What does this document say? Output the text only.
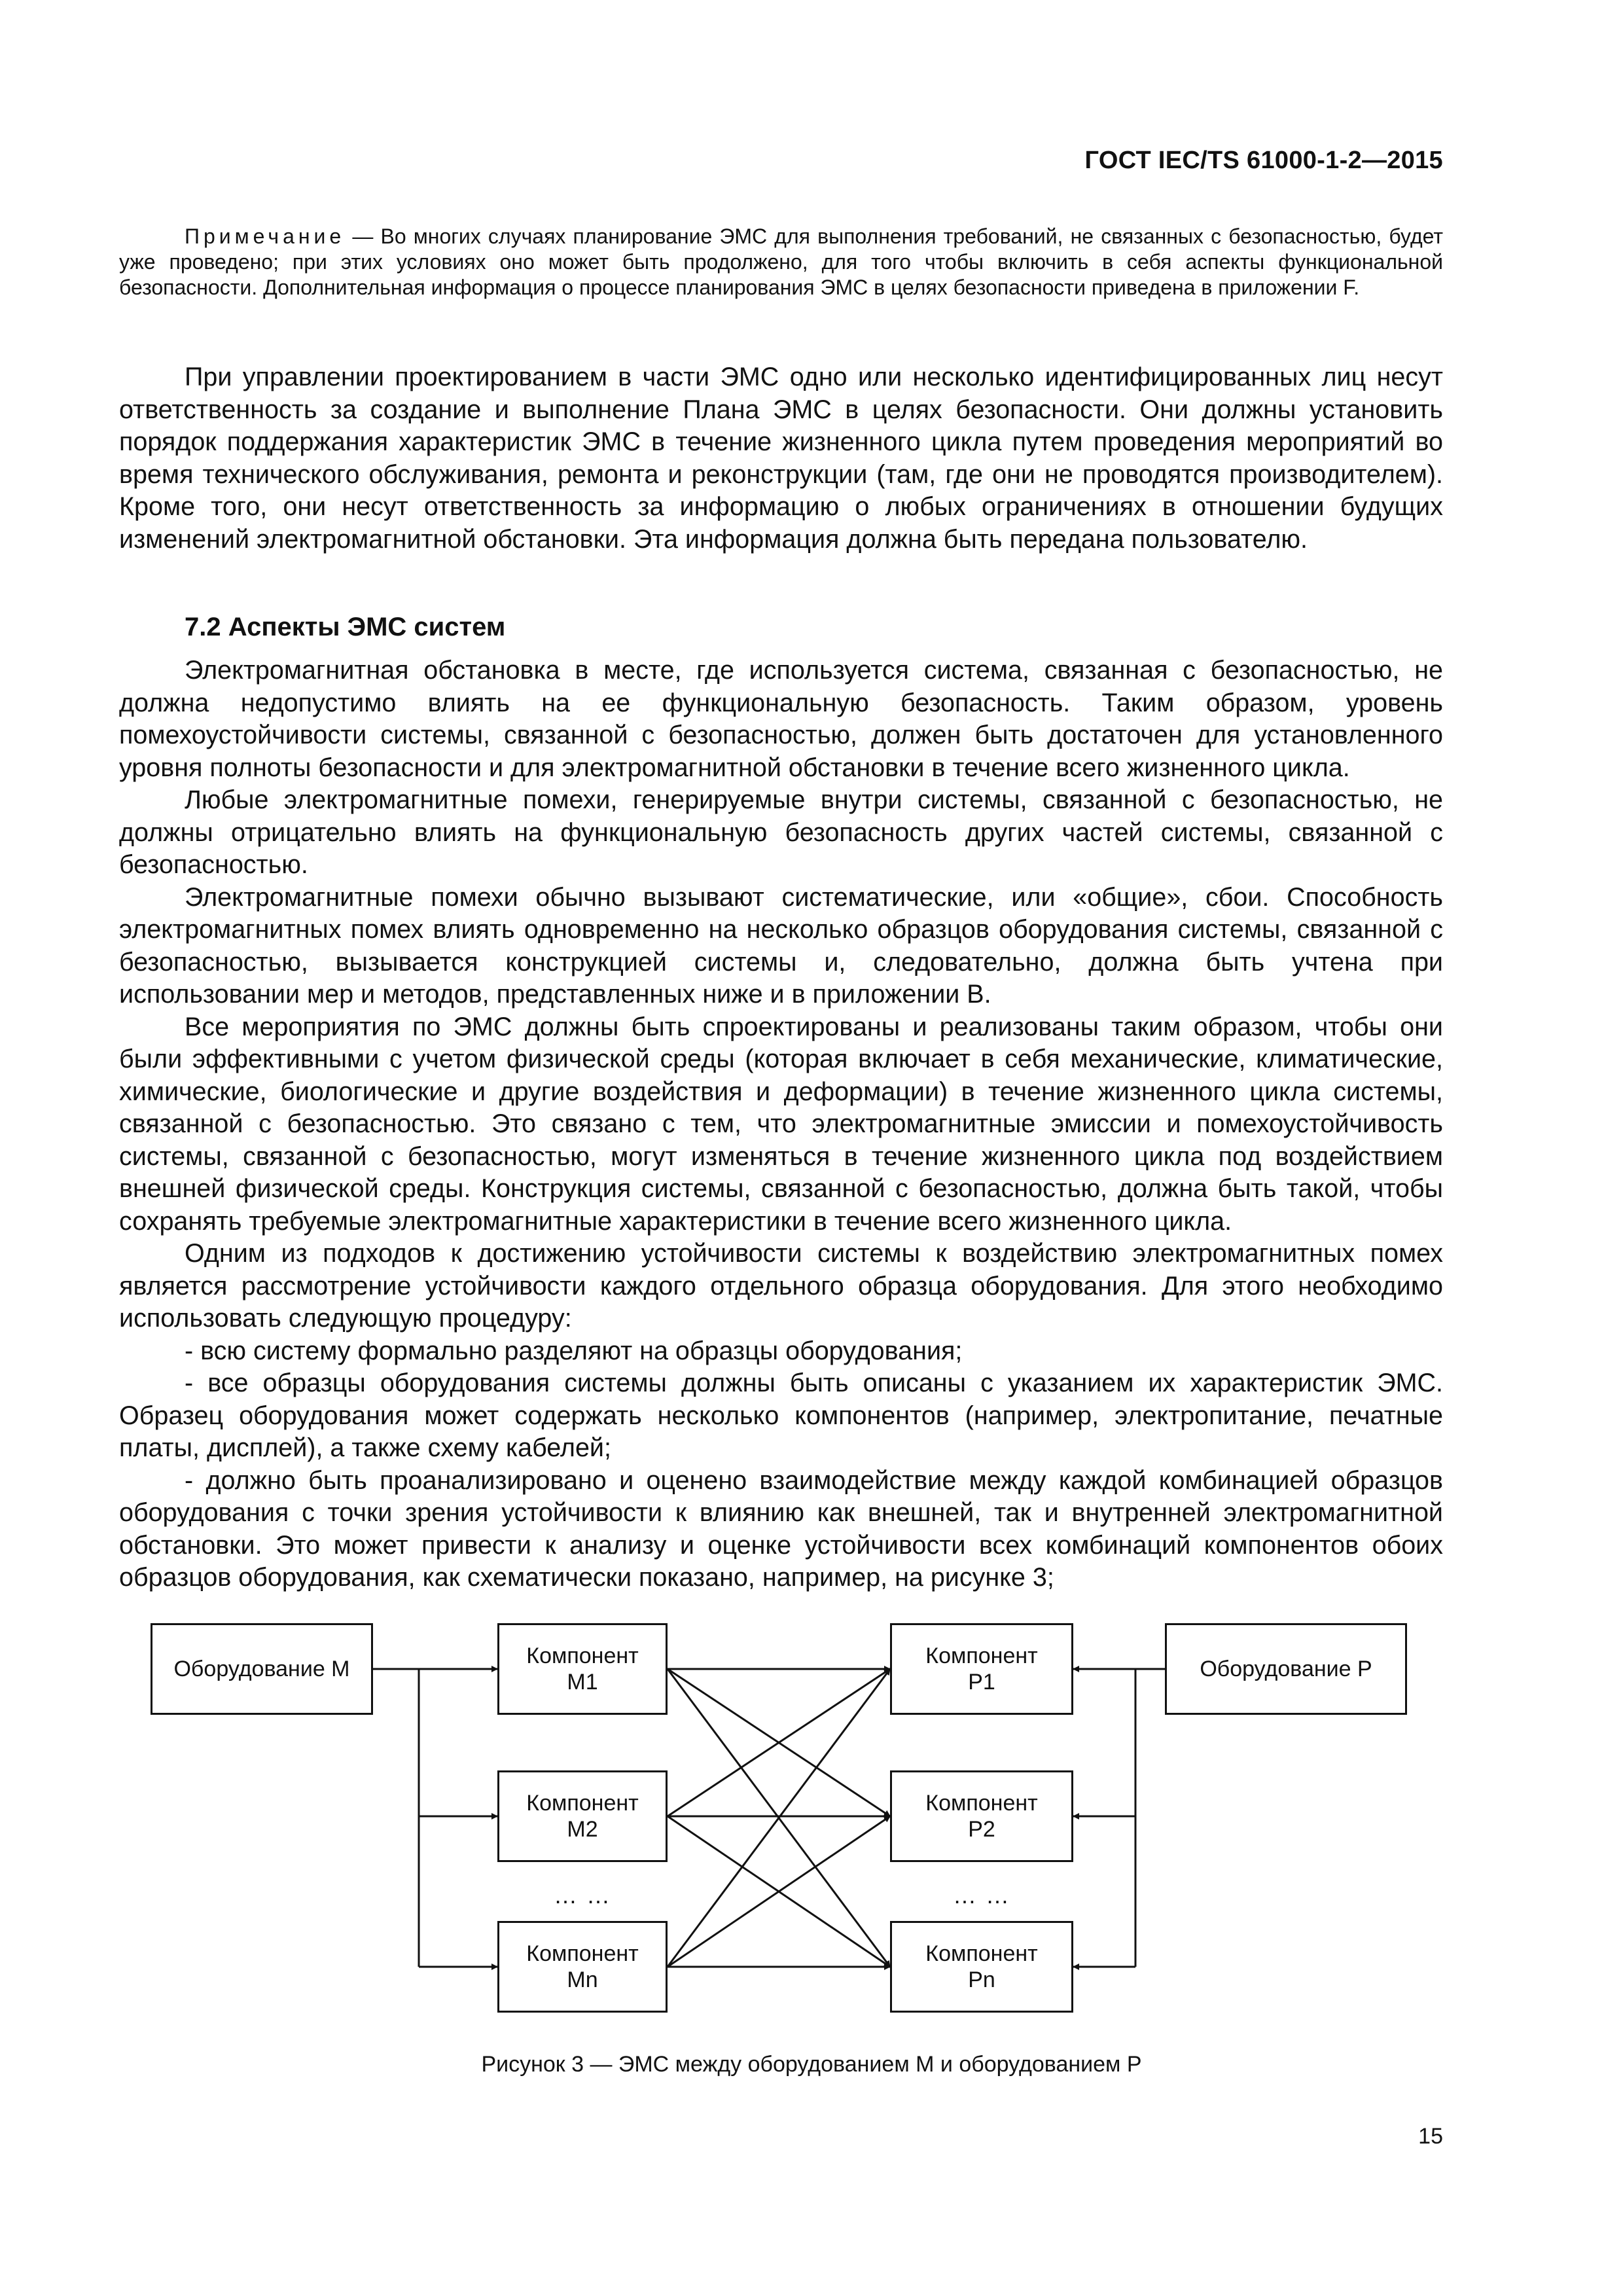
ГОСТ IEC/TS 61000-1-2—2015

Примечание — Во многих случаях планирование ЭМС для выполнения требований, не связанных с безопасностью, будет уже проведено; при этих условиях оно может быть продолжено, для того чтобы включить в себя аспекты функциональной безопасности. Дополнительная информация о процессе планирования ЭМС в целях безопасности приведена в приложении F.

При управлении проектированием в части ЭМС одно или несколько идентифицированных лиц несут ответственность за создание и выполнение Плана ЭМС в целях безопасности. Они должны установить порядок поддержания характеристик ЭМС в течение жизненного цикла путем проведения мероприятий во время технического обслуживания, ремонта и реконструкции (там, где они не проводятся производителем). Кроме того, они несут ответственность за информацию о любых ограничениях в отношении будущих изменений электромагнитной обстановки. Эта информация должна быть передана пользователю.

7.2 Аспекты ЭМС систем

Электромагнитная обстановка в месте, где используется система, связанная с безопасностью, не должна недопустимо влиять на ее функциональную безопасность. Таким образом, уровень помехоустойчивости системы, связанной с безопасностью, должен быть достаточен для установленного уровня полноты безопасности и для электромагнитной обстановки в течение всего жизненного цикла.

Любые электромагнитные помехи, генерируемые внутри системы, связанной с безопасностью, не должны отрицательно влиять на функциональную безопасность других частей системы, связанной с безопасностью.

Электромагнитные помехи обычно вызывают систематические, или «общие», сбои. Способность электромагнитных помех влиять одновременно на несколько образцов оборудования системы, связанной с безопасностью, вызывается конструкцией системы и, следовательно, должна быть учтена при использовании мер и методов, представленных ниже и в приложении В.

Все мероприятия по ЭМС должны быть спроектированы и реализованы таким образом, чтобы они были эффективными с учетом физической среды (которая включает в себя механические, климатические, химические, биологические и другие воздействия и деформации) в течение жизненного цикла системы, связанной с безопасностью. Это связано с тем, что электромагнитные эмиссии и помехоустойчивость системы, связанной с безопасностью, могут изменяться в течение жизненного цикла под воздействием внешней физической среды. Конструкция системы, связанной с безопасностью, должна быть такой, чтобы сохранять требуемые электромагнитные характеристики в течение всего жизненного цикла.

Одним из подходов к достижению устойчивости системы к воздействию электромагнитных помех является рассмотрение устойчивости каждого отдельного образца оборудования. Для этого необходимо использовать следующую процедуру:

- всю систему формально разделяют на образцы оборудования;

- все образцы оборудования системы должны быть описаны с указанием их характеристик ЭМС. Образец оборудования может содержать несколько компонентов (например, электропитание, печатные платы, дисплей), а также схему кабелей;

- должно быть проанализировано и оценено взаимодействие между каждой комбинацией образцов оборудования с точки зрения устойчивости к влиянию как внешней, так и внутренней электромагнитной обстановки. Это может привести к анализу и оценке устойчивости всех комбинаций компонентов обоих образцов оборудования, как схематически показано, например, на рисунке 3;

Оборудование М
Компонент
М1
Компонент
М2
… …
Компонент
Мn
Компонент
Р1
Компонент
Р2
… …
Компонент
Рn
Оборудование Р
Рисунок 3 — ЭМС между оборудованием М и оборудованием Р
15
